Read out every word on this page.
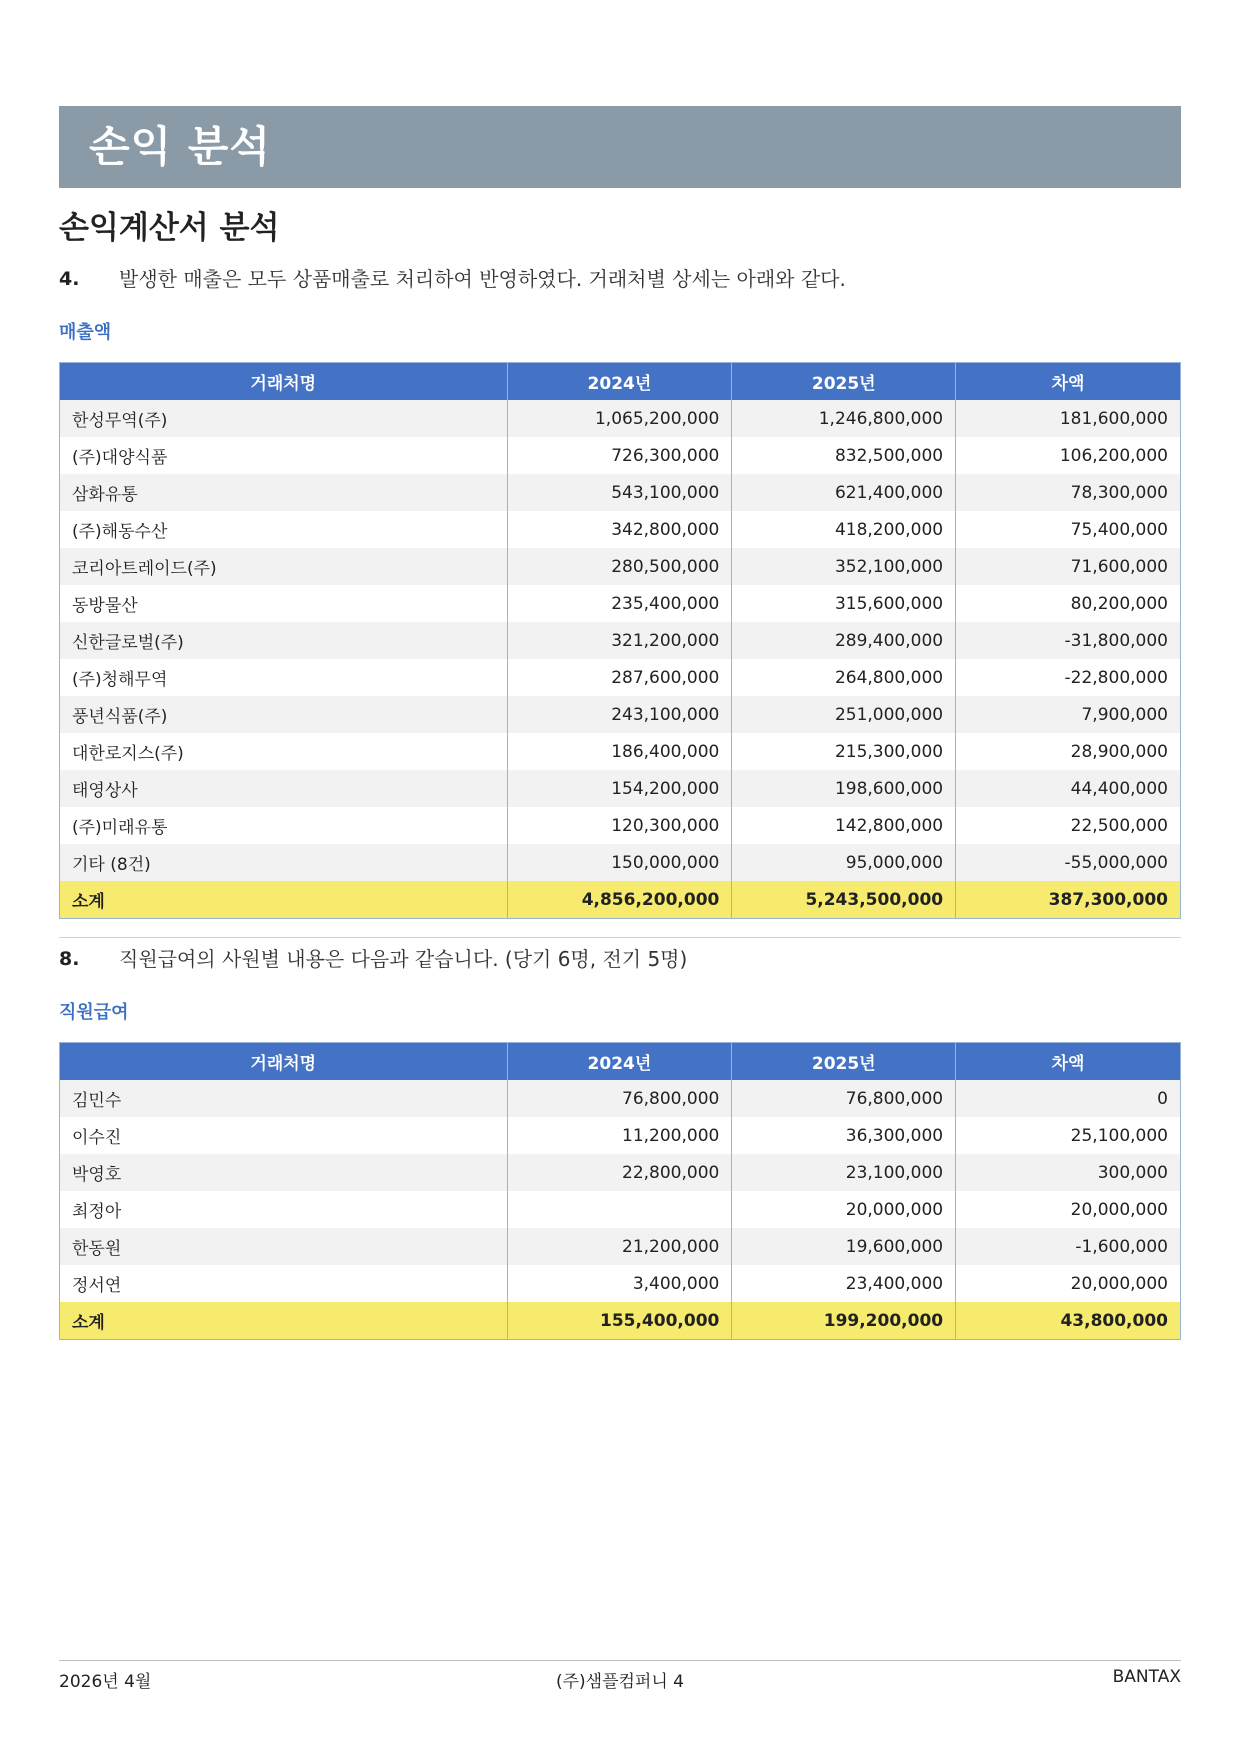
손익 분석
손익계산서 분석
4.	발생한 매출은 모두 상품매출로 처리하여 반영하였다. 거래처별 상세는 아래와 같다.
매출액
거래처명	2024년	2025년	차액
한성무역(주)	1,065,200,000	1,246,800,000	181,600,000
(주)대양식품	726,300,000	832,500,000	106,200,000
삼화유통	543,100,000	621,400,000	78,300,000
(주)해동수산	342,800,000	418,200,000	75,400,000
코리아트레이드(주)	280,500,000	352,100,000	71,600,000
동방물산	235,400,000	315,600,000	80,200,000
신한글로벌(주)	321,200,000	289,400,000	-31,800,000
(주)청해무역	287,600,000	264,800,000	-22,800,000
풍년식품(주)	243,100,000	251,000,000	7,900,000
대한로지스(주)	186,400,000	215,300,000	28,900,000
태영상사	154,200,000	198,600,000	44,400,000
(주)미래유통	120,300,000	142,800,000	22,500,000
기타 (8건)	150,000,000	95,000,000	-55,000,000
소계	4,856,200,000	5,243,500,000	387,300,000
8.	직원급여의 사원별 내용은 다음과 같습니다. (당기 6명, 전기 5명)
직원급여
거래처명	2024년	2025년	차액
김민수	76,800,000	76,800,000	0
이수진	11,200,000	36,300,000	25,100,000
박영호	22,800,000	23,100,000	300,000
최정아		20,000,000	20,000,000
한동원	21,200,000	19,600,000	-1,600,000
정서연	3,400,000	23,400,000	20,000,000
소계	155,400,000	199,200,000	43,800,000
2026년 4월	(주)샘플컴퍼니 4	BANTAX
